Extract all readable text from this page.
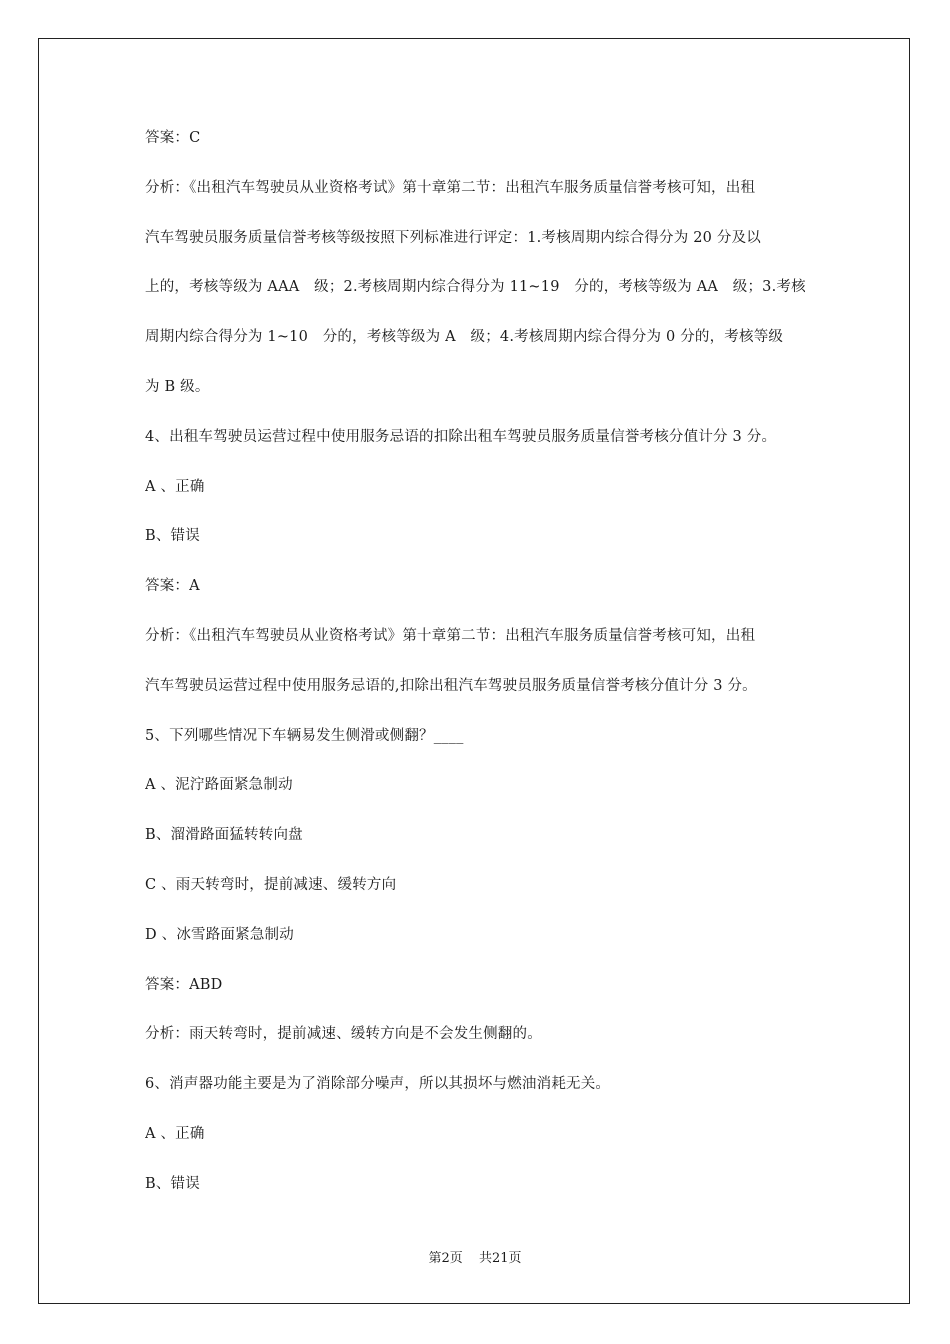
答案：C
分析：《出租汽车驾驶员从业资格考试》第十章第二节：出租汽车服务质量信誉考核可知，出租
汽车驾驶员服务质量信誉考核等级按照下列标准进行评定：1.考核周期内综合得分为 20 分及以
上的，考核等级为 AAA　级；2.考核周期内综合得分为 11~19　分的，考核等级为 AA　级；3.考核
周期内综合得分为 1~10　分的，考核等级为 A　级；4.考核周期内综合得分为 0 分的，考核等级
为 B 级。
4、出租车驾驶员运营过程中使用服务忌语的扣除出租车驾驶员服务质量信誉考核分值计分 3 分。
A 、正确
B、错误
答案：A
分析：《出租汽车驾驶员从业资格考试》第十章第二节：出租汽车服务质量信誉考核可知，出租
汽车驾驶员运营过程中使用服务忌语的,扣除出租汽车驾驶员服务质量信誉考核分值计分 3 分。
5、下列哪些情况下车辆易发生侧滑或侧翻？____
A 、泥泞路面紧急制动
B、溜滑路面猛转转向盘
C 、雨天转弯时，提前减速、缓转方向
D 、冰雪路面紧急制动
答案：ABD
分析：雨天转弯时，提前减速、缓转方向是不会发生侧翻的。
6、消声器功能主要是为了消除部分噪声，所以其损坏与燃油消耗无关。
A 、正确
B、错误
第2页 共21页
